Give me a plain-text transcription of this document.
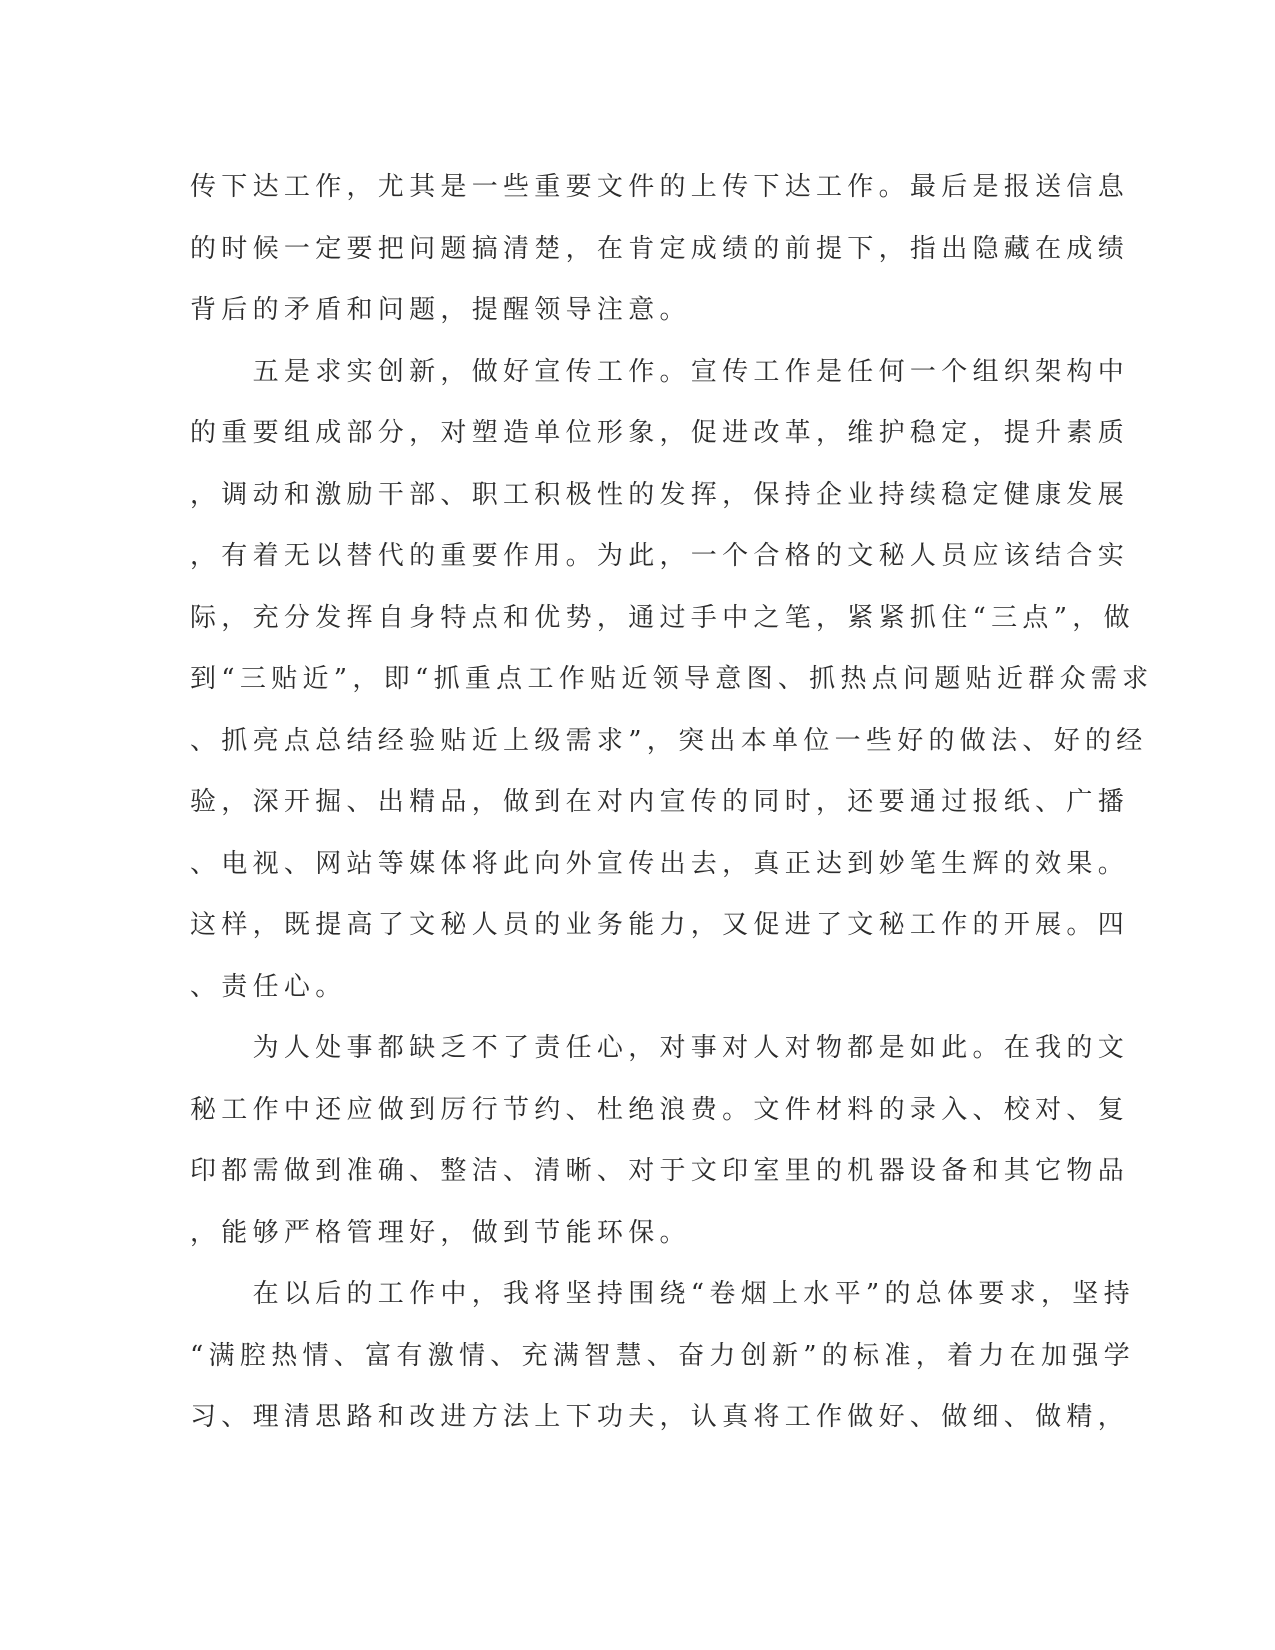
传下达工作，尤其是一些重要文件的上传下达工作。最后是报送信息
的时候一定要把问题搞清楚，在肯定成绩的前提下，指出隐藏在成绩
背后的矛盾和问题，提醒领导注意。
　　五是求实创新，做好宣传工作。宣传工作是任何一个组织架构中
的重要组成部分，对塑造单位形象，促进改革，维护稳定，提升素质
，调动和激励干部、职工积极性的发挥，保持企业持续稳定健康发展
，有着无以替代的重要作用。为此，一个合格的文秘人员应该结合实
际，充分发挥自身特点和优势，通过手中之笔，紧紧抓住“三点”，做
到“三贴近”，即“抓重点工作贴近领导意图、抓热点问题贴近群众需求
、抓亮点总结经验贴近上级需求”，突出本单位一些好的做法、好的经
验，深开掘、出精品，做到在对内宣传的同时，还要通过报纸、广播
、电视、网站等媒体将此向外宣传出去，真正达到妙笔生辉的效果。
这样，既提高了文秘人员的业务能力，又促进了文秘工作的开展。四
、责任心。
　　为人处事都缺乏不了责任心，对事对人对物都是如此。在我的文
秘工作中还应做到厉行节约、杜绝浪费。文件材料的录入、校对、复
印都需做到准确、整洁、清晰、对于文印室里的机器设备和其它物品
，能够严格管理好，做到节能环保。
　　在以后的工作中，我将坚持围绕“卷烟上水平”的总体要求，坚持
“满腔热情、富有激情、充满智慧、奋力创新”的标准，着力在加强学
习、理清思路和改进方法上下功夫，认真将工作做好、做细、做精，
